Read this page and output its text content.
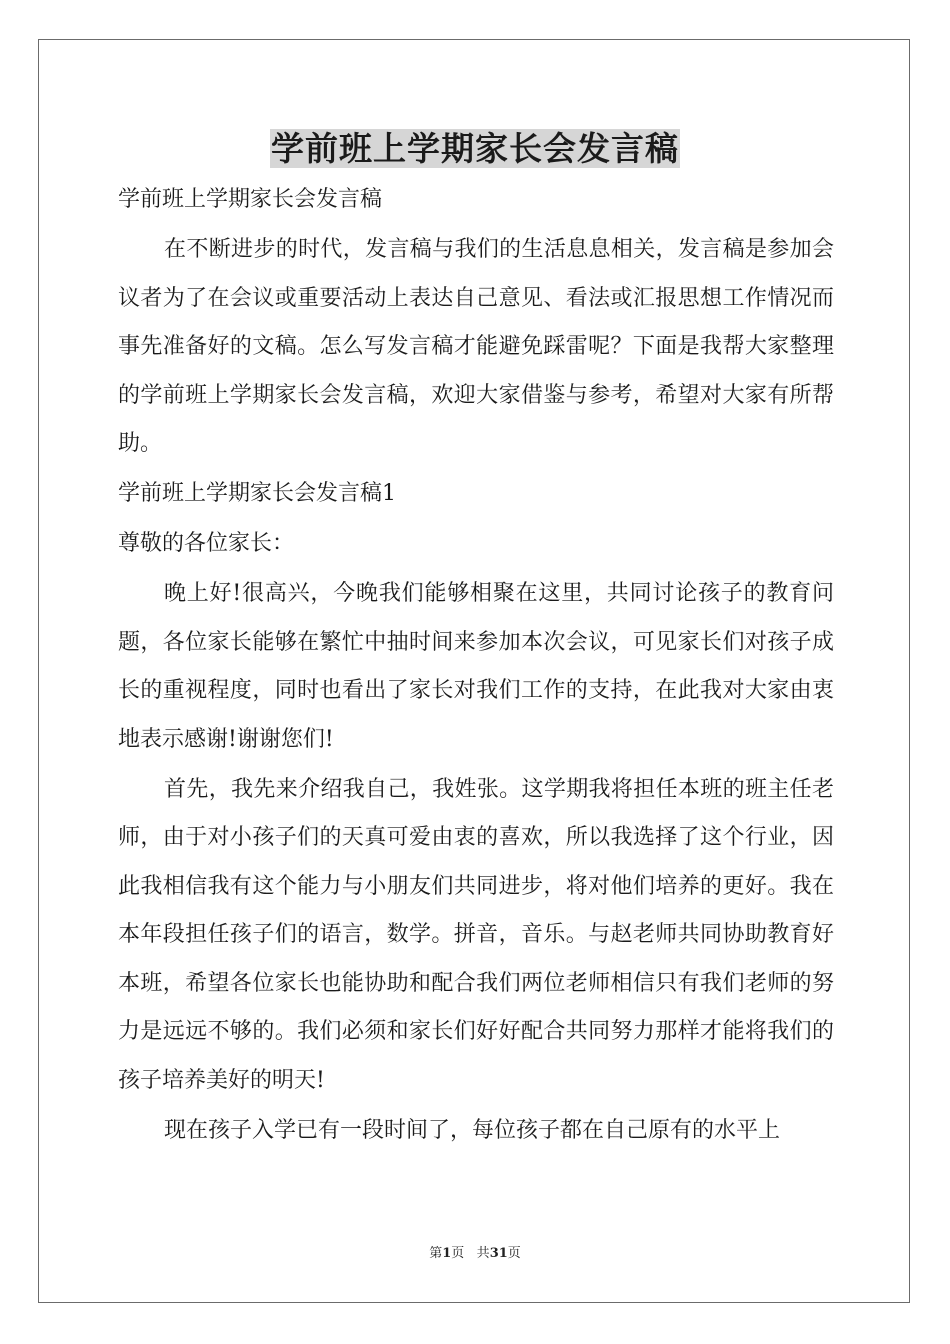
学前班上学期家长会发言稿

学前班上学期家长会发言稿

在不断进步的时代，发言稿与我们的生活息息相关，发言稿是参加会议者为了在会议或重要活动上表达自己意见、看法或汇报思想工作情况而事先准备好的文稿。怎么写发言稿才能避免踩雷呢？下面是我帮大家整理的学前班上学期家长会发言稿，欢迎大家借鉴与参考，希望对大家有所帮助。

学前班上学期家长会发言稿1

尊敬的各位家长：

晚上好!很高兴，今晚我们能够相聚在这里，共同讨论孩子的教育问题，各位家长能够在繁忙中抽时间来参加本次会议，可见家长们对孩子成长的重视程度，同时也看出了家长对我们工作的支持，在此我对大家由衷地表示感谢!谢谢您们!

首先，我先来介绍我自己，我姓张。这学期我将担任本班的班主任老师，由于对小孩子们的天真可爱由衷的喜欢，所以我选择了这个行业，因此我相信我有这个能力与小朋友们共同进步，将对他们培养的更好。我在本年段担任孩子们的语言，数学。拼音，音乐。与赵老师共同协助教育好本班，希望各位家长也能协助和配合我们两位老师相信只有我们老师的努力是远远不够的。我们必须和家长们好好配合共同努力那样才能将我们的孩子培养美好的明天!

现在孩子入学已有一段时间了，每位孩子都在自己原有的水平上

第1页 共31页
